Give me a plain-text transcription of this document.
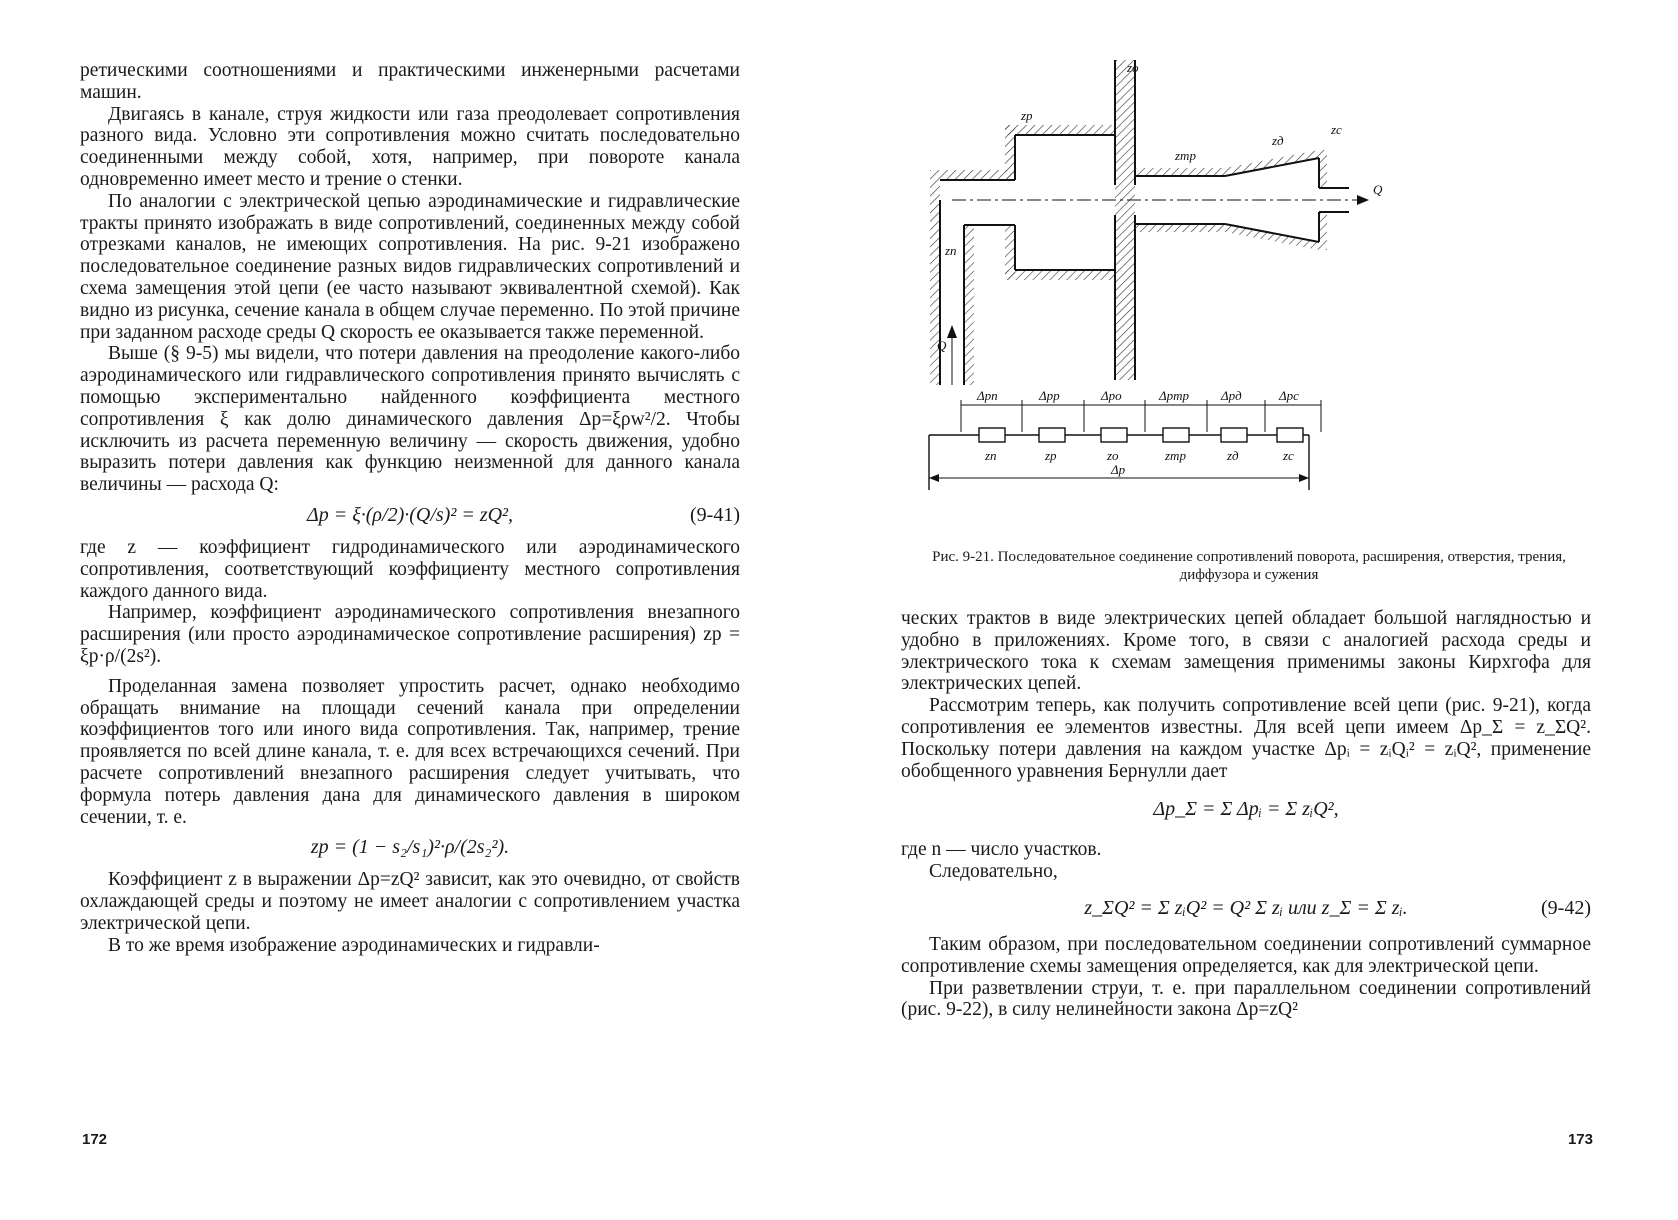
ретическими соотношениями и практическими инженерными расчетами машин.

Двигаясь в канале, струя жидкости или газа преодолевает сопротивления разного вида. Условно эти сопротивления можно считать последовательно соединенными между собой, хотя, например, при повороте канала одновременно имеет место и трение о стенки.

По аналогии с электрической цепью аэродинамические и гидравлические тракты принято изображать в виде сопротивлений, соединенных между собой отрезками каналов, не имеющих сопротивления. На рис. 9-21 изображено последовательное соединение разных видов гидравлических сопротивлений и схема замещения этой цепи (ее часто называют эквивалентной схемой). Как видно из рисунка, сечение канала в общем случае переменно. По этой причине при заданном расходе среды Q скорость ее оказывается также переменной.

Выше (§ 9-5) мы видели, что потери давления на преодоление какого-либо аэродинамического или гидравлического сопротивления принято вычислять с помощью экспериментально найденного коэффициента местного сопротивления ξ как долю динамического давления Δp=ξρw²/2. Чтобы исключить из расчета переменную величину — скорость движения, удобно выразить потери давления как функцию неизменной для данного канала величины — расхода Q:

Δp = ξ·(ρ/2)·(Q/s)² = zQ²,	(9-41)

где z — коэффициент гидродинамического или аэродинамического сопротивления, соответствующий коэффициенту местного сопротивления каждого данного вида.

Например, коэффициент аэродинамического сопротивления внезапного расширения (или просто аэродинамическое сопротивление расширения) zр = ξр·ρ/(2s²).

Проделанная замена позволяет упростить расчет, однако необходимо обращать внимание на площади сечений канала при определении коэффициентов того или иного вида сопротивления. Так, например, трение проявляется по всей длине канала, т. е. для всех встречающихся сечений. При расчете сопротивлений внезапного расширения следует учитывать, что формула потерь давления дана для динамического давления в широком сечении, т. е.

zр = (1 − s₂/s₁)²·ρ/(2s₂²).

Коэффициент z в выражении Δp=zQ² зависит, как это очевидно, от свойств охлаждающей среды и поэтому не имеет аналогии с сопротивлением участка электрической цепи.

В то же время изображение аэродинамических и гидравли-

172
zo
zр
zп
zтр
zд
zс
Q
Q
Δpп	Δpр	Δpо	Δpтр Δpд	Δpс
zп	zр	zo	zтр	zд	zс
Δp
Рис. 9-21. Последовательное соединение сопротивлений поворота, расширения, отверстия, трения, диффузора и сужения

ческих трактов в виде электрических цепей обладает большой наглядностью и удобно в приложениях. Кроме того, в связи с аналогией расхода среды и электрического тока к схемам замещения применимы законы Кирхгофа для электрических цепей.

Рассмотрим теперь, как получить сопротивление всей цепи (рис. 9-21), когда сопротивления ее элементов известны. Для всей цепи имеем Δp_Σ = z_ΣQ². Поскольку потери давления на каждом участке Δpᵢ = zᵢQᵢ² = zᵢQ², применение обобщенного уравнения Бернулли дает

Δp_Σ = Σ Δpᵢ = Σ zᵢQ²,

где n — число участков.

Следовательно,

z_ΣQ² = Σ zᵢQ² = Q² Σ zᵢ или z_Σ = Σ zᵢ.	(9-42)

Таким образом, при последовательном соединении сопротивлений суммарное сопротивление схемы замещения определяется, как для электрической цепи.

При разветвлении струи, т. е. при параллельном соединении сопротивлений (рис. 9-22), в силу нелинейности закона Δp=zQ²

173
